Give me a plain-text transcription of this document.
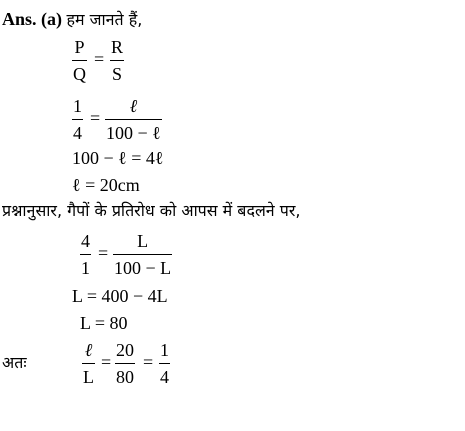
Ans. (a) हम जानते हैं,
P
Q
=
R
S
1
4
=
ℓ
100 − ℓ
100 − ℓ = 4ℓ
ℓ = 20cm
प्रश्नानुसार, गैपों के प्रतिरोध को आपस में बदलने पर,
4
1
=
L
100 − L
L = 400 − 4L
L = 80
अतः
ℓ
L
=
20
80
=
1
4
